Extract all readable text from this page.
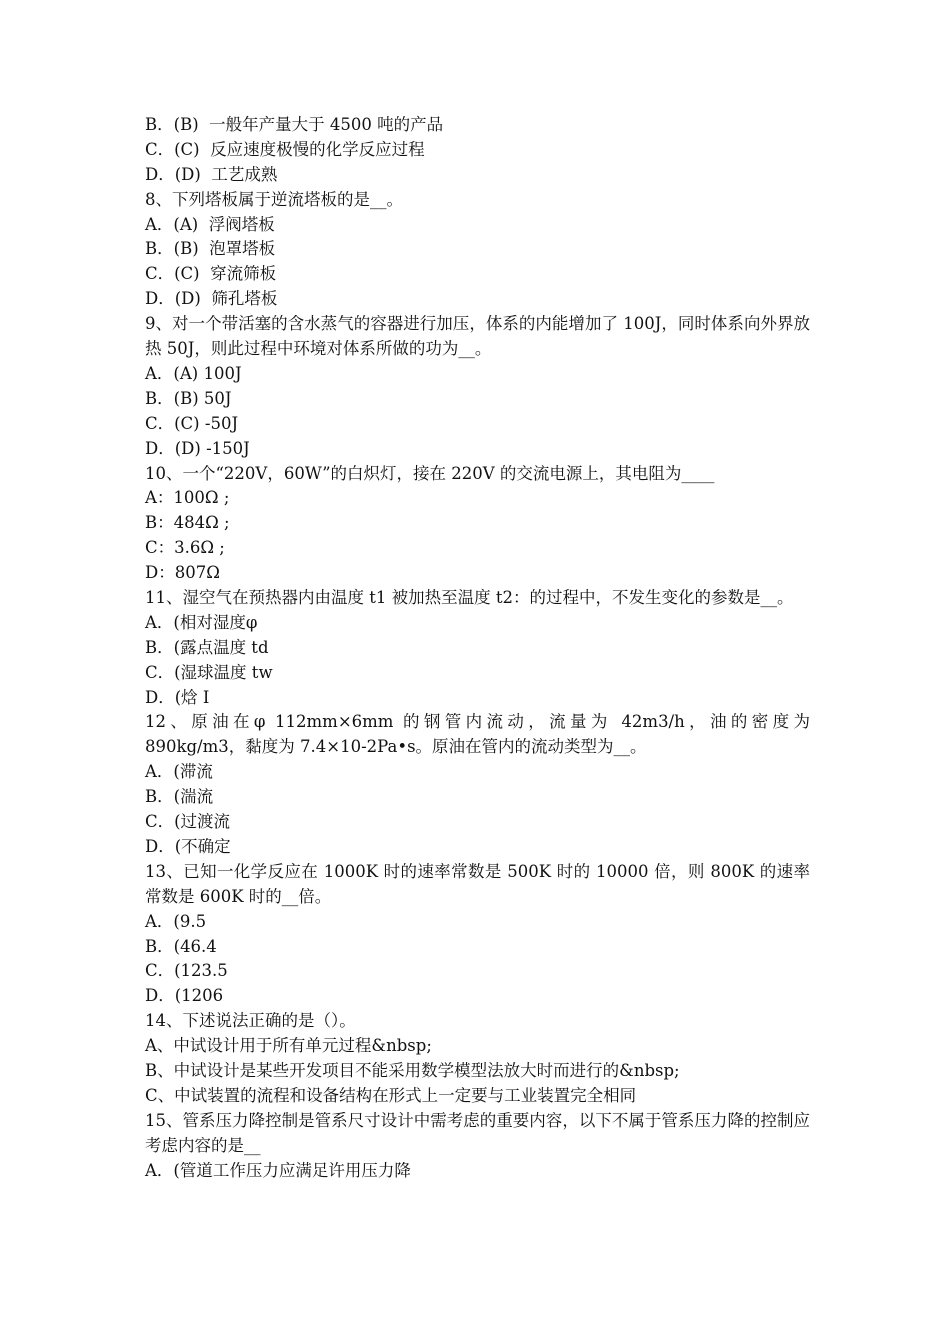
B．(B)  一般年产量大于 4500 吨的产品
C．(C)  反应速度极慢的化学反应过程
D．(D)  工艺成熟
8、下列塔板属于逆流塔板的是__。
A．(A)  浮阀塔板
B．(B)  泡罩塔板
C．(C)  穿流筛板
D．(D)  筛孔塔板
9、对一个带活塞的含水蒸气的容器进行加压，体系的内能增加了 100J，同时体系向外界放热 50J，则此过程中环境对体系所做的功为__。
A．(A) 100J
B．(B) 50J
C．(C) -50J
D．(D) -150J
10、一个“220V，60W”的白炽灯，接在 220V 的交流电源上，其电阻为____
A：100Ω ;
B：484Ω ;
C：3.6Ω ;
D：807Ω
11、湿空气在预热器内由温度 t1 被加热至温度 t2：的过程中，不发生变化的参数是__。
A．(相对湿度φ
B．(露点温度 td
C．(湿球温度 tw
D．(焓 I
12、原油在φ 112mm×6mm 的钢管内流动，流量为 42m3/h，油的密度为 890kg/m3，黏度为 7.4×10-2Pa•s。原油在管内的流动类型为__。
A．(滞流
B．(湍流
C．(过渡流
D．(不确定
13、已知一化学反应在 1000K 时的速率常数是 500K 时的 10000 倍，则 800K 的速率常数是 600K 时的__倍。
A．(9.5
B．(46.4
C．(123.5
D．(1206
14、下述说法正确的是（）。
A、中试设计用于所有单元过程&nbsp;
B、中试设计是某些开发项目不能采用数学模型法放大时而进行的&nbsp;
C、中试装置的流程和设备结构在形式上一定要与工业装置完全相同
15、管系压力降控制是管系尺寸设计中需考虑的重要内容，以下不属于管系压力降的控制应考虑内容的是__
A．(管道工作压力应满足许用压力降
